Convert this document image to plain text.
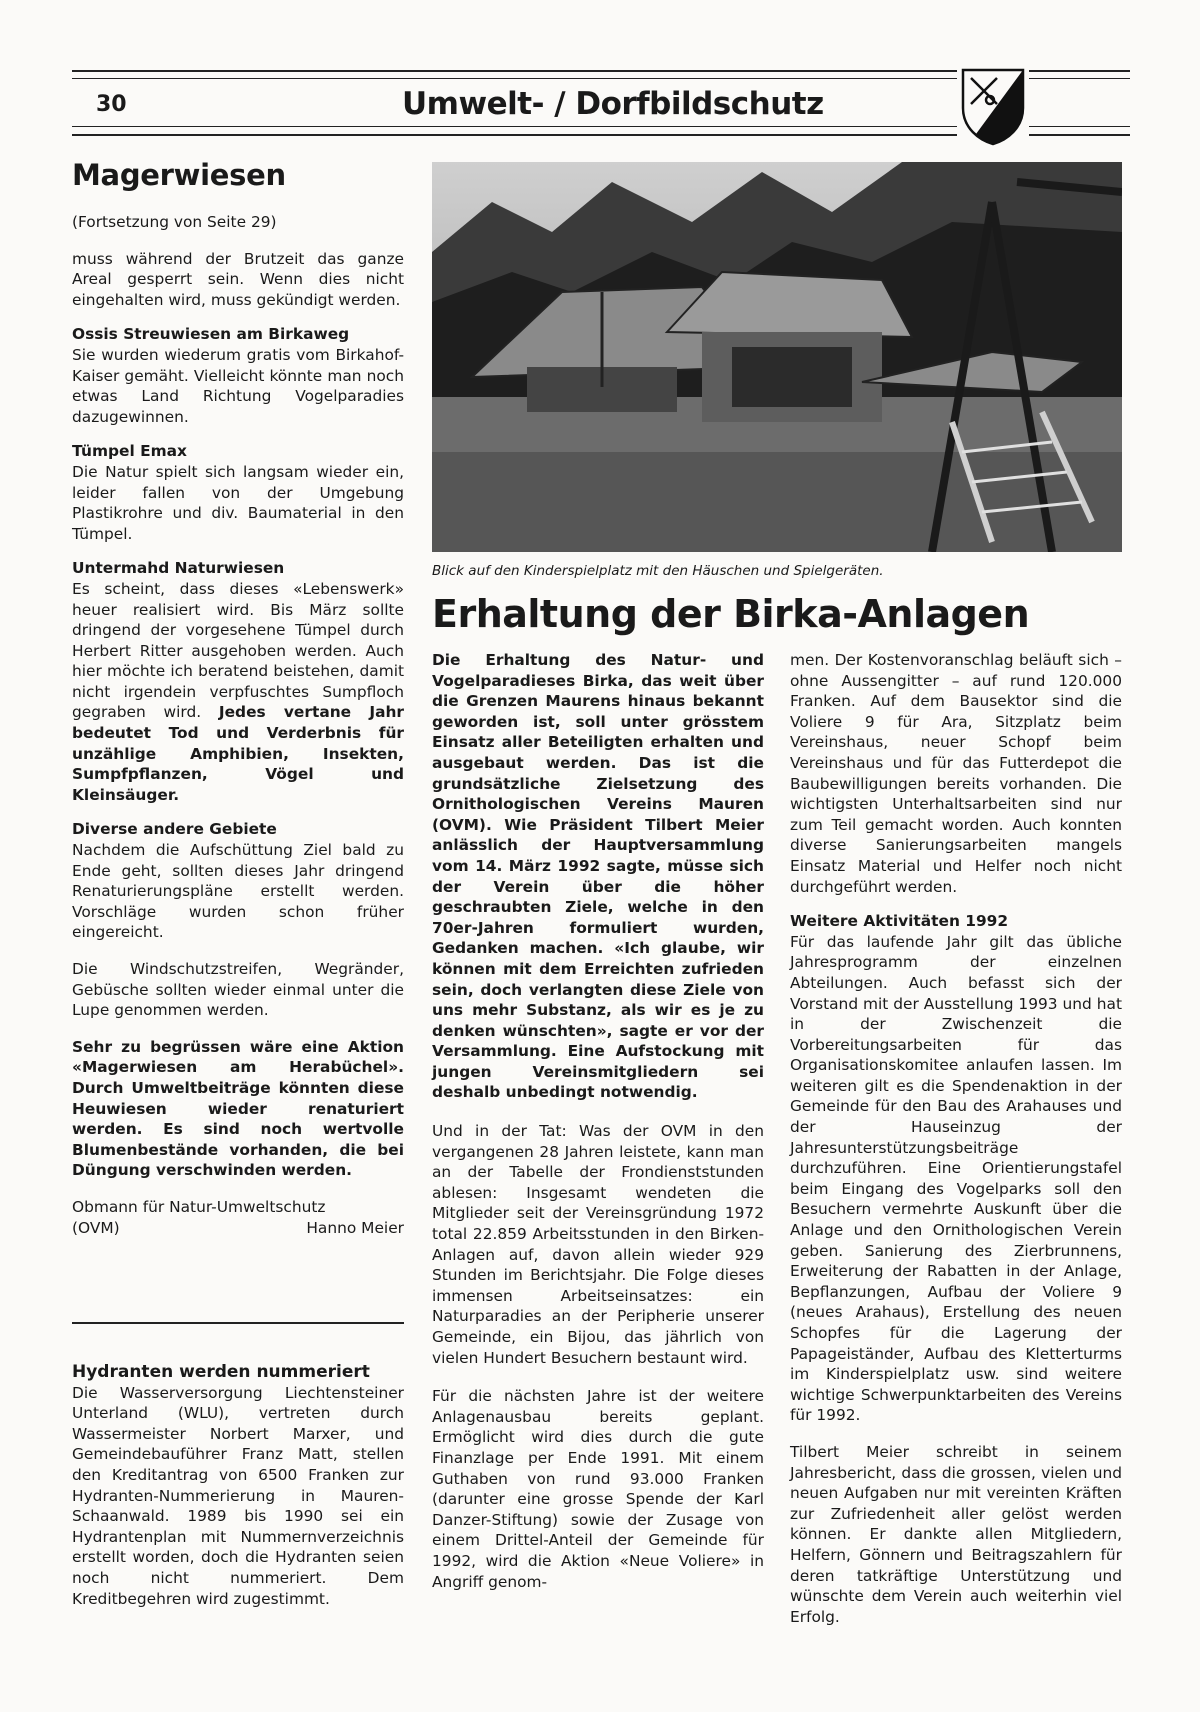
30	Umwelt- / Dorfbildschutz
Magerwiesen

(Fortsetzung von Seite 29)

muss während der Brutzeit das ganze Areal gesperrt sein. Wenn dies nicht eingehalten wird, muss gekündigt werden.

Ossis Streuwiesen am Birkaweg

Sie wurden wiederum gratis vom Birkahof-Kaiser gemäht. Vielleicht könnte man noch etwas Land Richtung Vogelparadies dazugewinnen.

Tümpel Emax

Die Natur spielt sich langsam wieder ein, leider fallen von der Umgebung Plastikrohre und div. Baumaterial in den Tümpel.

Untermahd Naturwiesen

Es scheint, dass dieses «Lebenswerk» heuer realisiert wird. Bis März sollte dringend der vorgesehene Tümpel durch Herbert Ritter ausgehoben werden. Auch hier möchte ich beratend beistehen, damit nicht irgendein verpfuschtes Sumpfloch gegraben wird. Jedes vertane Jahr bedeutet Tod und Verderbnis für unzählige Amphibien, Insekten, Sumpfpflanzen, Vögel und Kleinsäuger.

Diverse andere Gebiete

Nachdem die Aufschüttung Ziel bald zu Ende geht, sollten dieses Jahr dringend Renaturierungspläne erstellt werden. Vorschläge wurden schon früher eingereicht.

Die Windschutzstreifen, Wegränder, Gebüsche sollten wieder einmal unter die Lupe genommen werden.

Sehr zu begrüssen wäre eine Aktion «Magerwiesen am Herabüchel». Durch Umweltbeiträge könnten diese Heuwiesen wieder renaturiert werden. Es sind noch wertvolle Blumenbestände vorhanden, die bei Düngung verschwinden werden.

Obmann für Natur-Umweltschutz

(OVM)	Hanno Meier

Hydranten werden nummeriert

Die Wasserversorgung Liechtensteiner Unterland (WLU), vertreten durch Wassermeister Norbert Marxer, und Gemeindebauführer Franz Matt, stellen den Kreditantrag von 6500 Franken zur Hydranten-Nummerierung in Mauren-Schaanwald. 1989 bis 1990 sei ein Hydrantenplan mit Nummernverzeichnis erstellt worden, doch die Hydranten seien noch nicht nummeriert. Dem Kreditbegehren wird zugestimmt.

Blick auf den Kinderspielplatz mit den Häuschen und Spielgeräten.
Erhaltung der Birka-Anlagen

Die Erhaltung des Natur- und Vogelparadieses Birka, das weit über die Grenzen Maurens hinaus bekannt geworden ist, soll unter grösstem Einsatz aller Beteiligten erhalten und ausgebaut werden. Das ist die grundsätzliche Zielsetzung des Ornithologischen Vereins Mauren (OVM). Wie Präsident Tilbert Meier anlässlich der Hauptversammlung vom 14. März 1992 sagte, müsse sich der Verein über die höher geschraubten Ziele, welche in den 70er-Jahren formuliert wurden, Gedanken machen. «Ich glaube, wir können mit dem Erreichten zufrieden sein, doch verlangten diese Ziele von uns mehr Substanz, als wir es je zu denken wünschten», sagte er vor der Versammlung. Eine Aufstockung mit jungen Vereinsmitgliedern sei deshalb unbedingt notwendig.

Und in der Tat: Was der OVM in den vergangenen 28 Jahren leistete, kann man an der Tabelle der Frondienststunden ablesen: Insgesamt wendeten die Mitglieder seit der Vereinsgründung 1972 total 22.859 Arbeitsstunden in den Birken-Anlagen auf, davon allein wieder 929 Stunden im Berichtsjahr. Die Folge dieses immensen Arbeitseinsatzes: ein Naturparadies an der Peripherie unserer Gemeinde, ein Bijou, das jährlich von vielen Hundert Besuchern bestaunt wird.

Für die nächsten Jahre ist der weitere Anlagenausbau bereits geplant. Ermöglicht wird dies durch die gute Finanzlage per Ende 1991. Mit einem Guthaben von rund 93.000 Franken (darunter eine grosse Spende der Karl Danzer-Stiftung) sowie der Zusage von einem Drittel-Anteil der Gemeinde für 1992, wird die Aktion «Neue Voliere» in Angriff genom-

men. Der Kostenvoranschlag beläuft sich – ohne Aussengitter – auf rund 120.000 Franken. Auf dem Bausektor sind die Voliere 9 für Ara, Sitzplatz beim Vereinshaus, neuer Schopf beim Vereinshaus und für das Futterdepot die Baubewilligungen bereits vorhanden. Die wichtigsten Unterhaltsarbeiten sind nur zum Teil gemacht worden. Auch konnten diverse Sanierungsarbeiten mangels Einsatz Material und Helfer noch nicht durchgeführt werden.

Weitere Aktivitäten 1992

Für das laufende Jahr gilt das übliche Jahresprogramm der einzelnen Abteilungen. Auch befasst sich der Vorstand mit der Ausstellung 1993 und hat in der Zwischenzeit die Vorbereitungsarbeiten für das Organisationskomitee anlaufen lassen. Im weiteren gilt es die Spendenaktion in der Gemeinde für den Bau des Arahauses und der Hauseinzug der Jahresunterstützungsbeiträge durchzuführen. Eine Orientierungstafel beim Eingang des Vogelparks soll den Besuchern vermehrte Auskunft über die Anlage und den Ornithologischen Verein geben. Sanierung des Zierbrunnens, Erweiterung der Rabatten in der Anlage, Bepflanzungen, Aufbau der Voliere 9 (neues Arahaus), Erstellung des neuen Schopfes für die Lagerung der Papageiständer, Aufbau des Kletterturms im Kinderspielplatz usw. sind weitere wichtige Schwerpunktarbeiten des Vereins für 1992.

Tilbert Meier schreibt in seinem Jahresbericht, dass die grossen, vielen und neuen Aufgaben nur mit vereinten Kräften zur Zufriedenheit aller gelöst werden können. Er dankte allen Mitgliedern, Helfern, Gönnern und Beitragszahlern für deren tatkräftige Unterstützung und wünschte dem Verein auch weiterhin viel Erfolg.
